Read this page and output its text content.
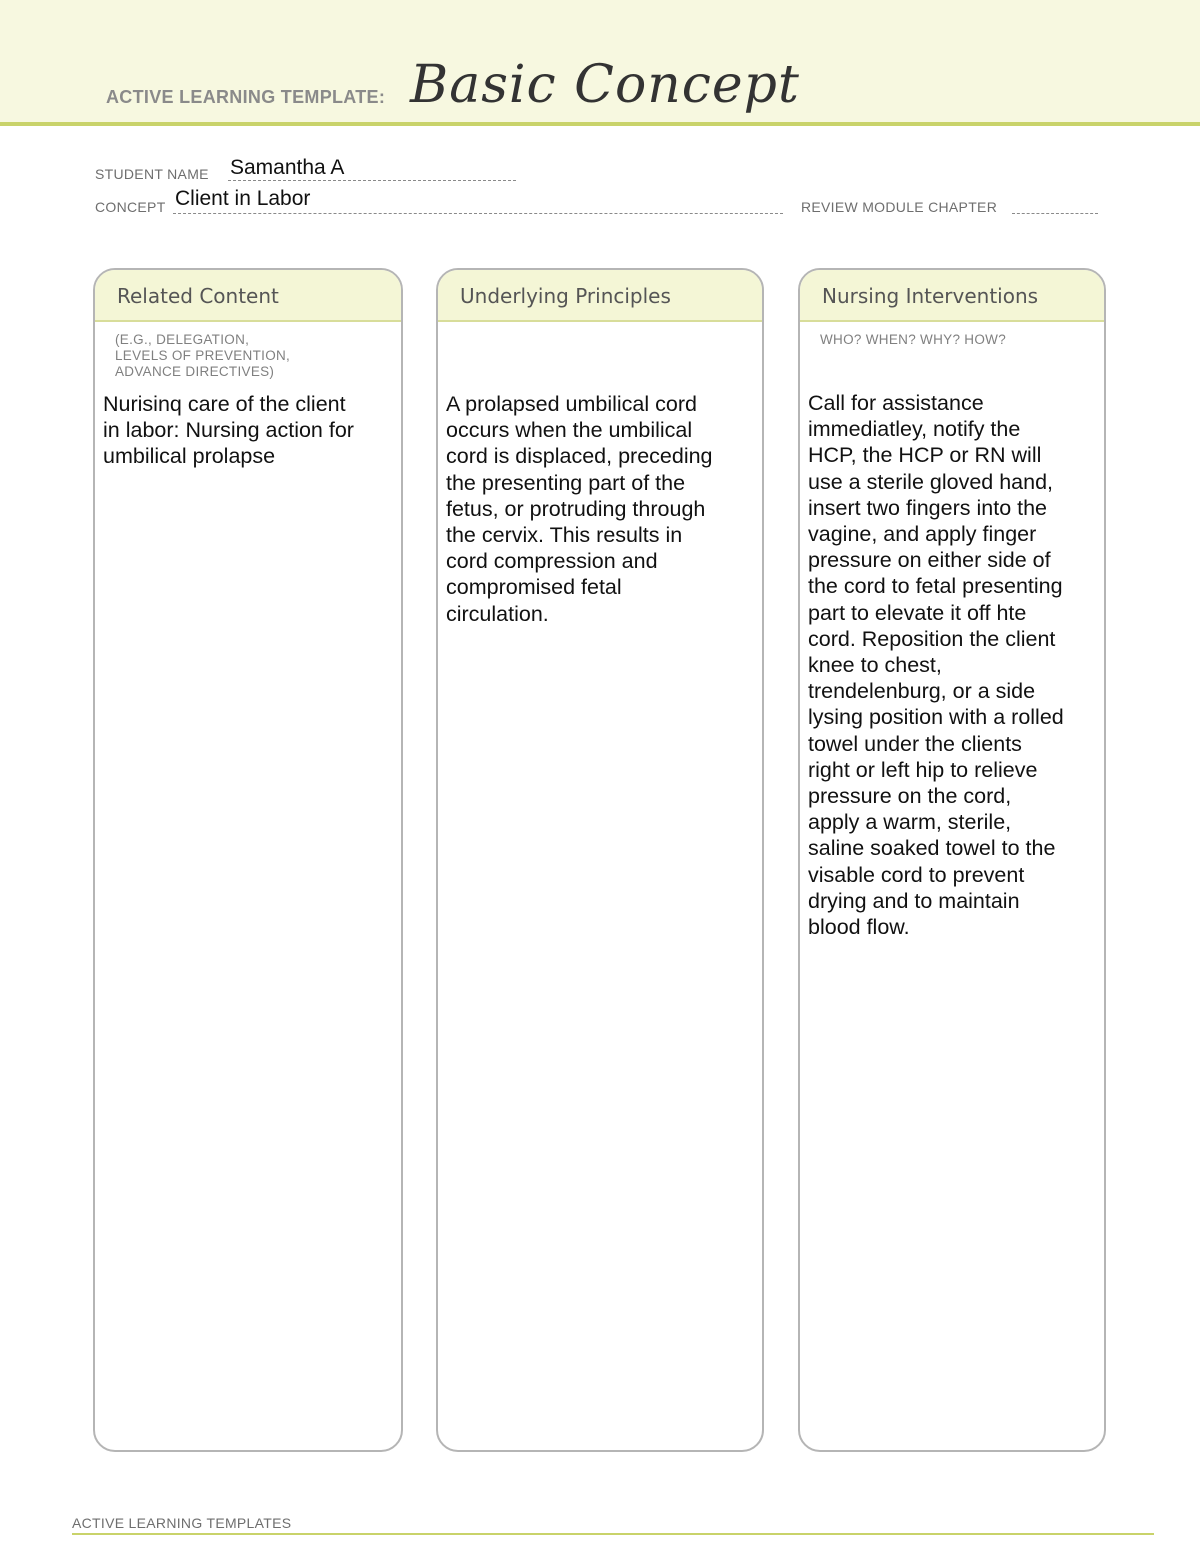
ACTIVE LEARNING TEMPLATE: Basic Concept
STUDENT NAME Samantha A
CONCEPT Client in Labor	REVIEW MODULE CHAPTER
Related Content
(E.G., DELEGATION,
LEVELS OF PREVENTION,
ADVANCE DIRECTIVES)
Nurisinq care of the client
in labor: Nursing action for
umbilical prolapse
Underlying Principles
A prolapsed umbilical cord
occurs when the umbilical
cord is displaced, preceding
the presenting part of the
fetus, or protruding through
the cervix. This results in
cord compression and
compromised fetal
circulation.
Nursing Interventions
WHO? WHEN? WHY? HOW?
Call for assistance
immediatley, notify the
HCP, the HCP or RN will
use a sterile gloved hand,
insert two fingers into the
vagine, and apply finger
pressure on either side of
the cord to fetal presenting
part to elevate it off hte
cord. Reposition the client
knee to chest,
trendelenburg, or a side
lysing position with a rolled
towel under the clients
right or left hip to relieve
pressure on the cord,
apply a warm, sterile,
saline soaked towel to the
visable cord to prevent
drying and to maintain
blood flow.
ACTIVE LEARNING TEMPLATES
